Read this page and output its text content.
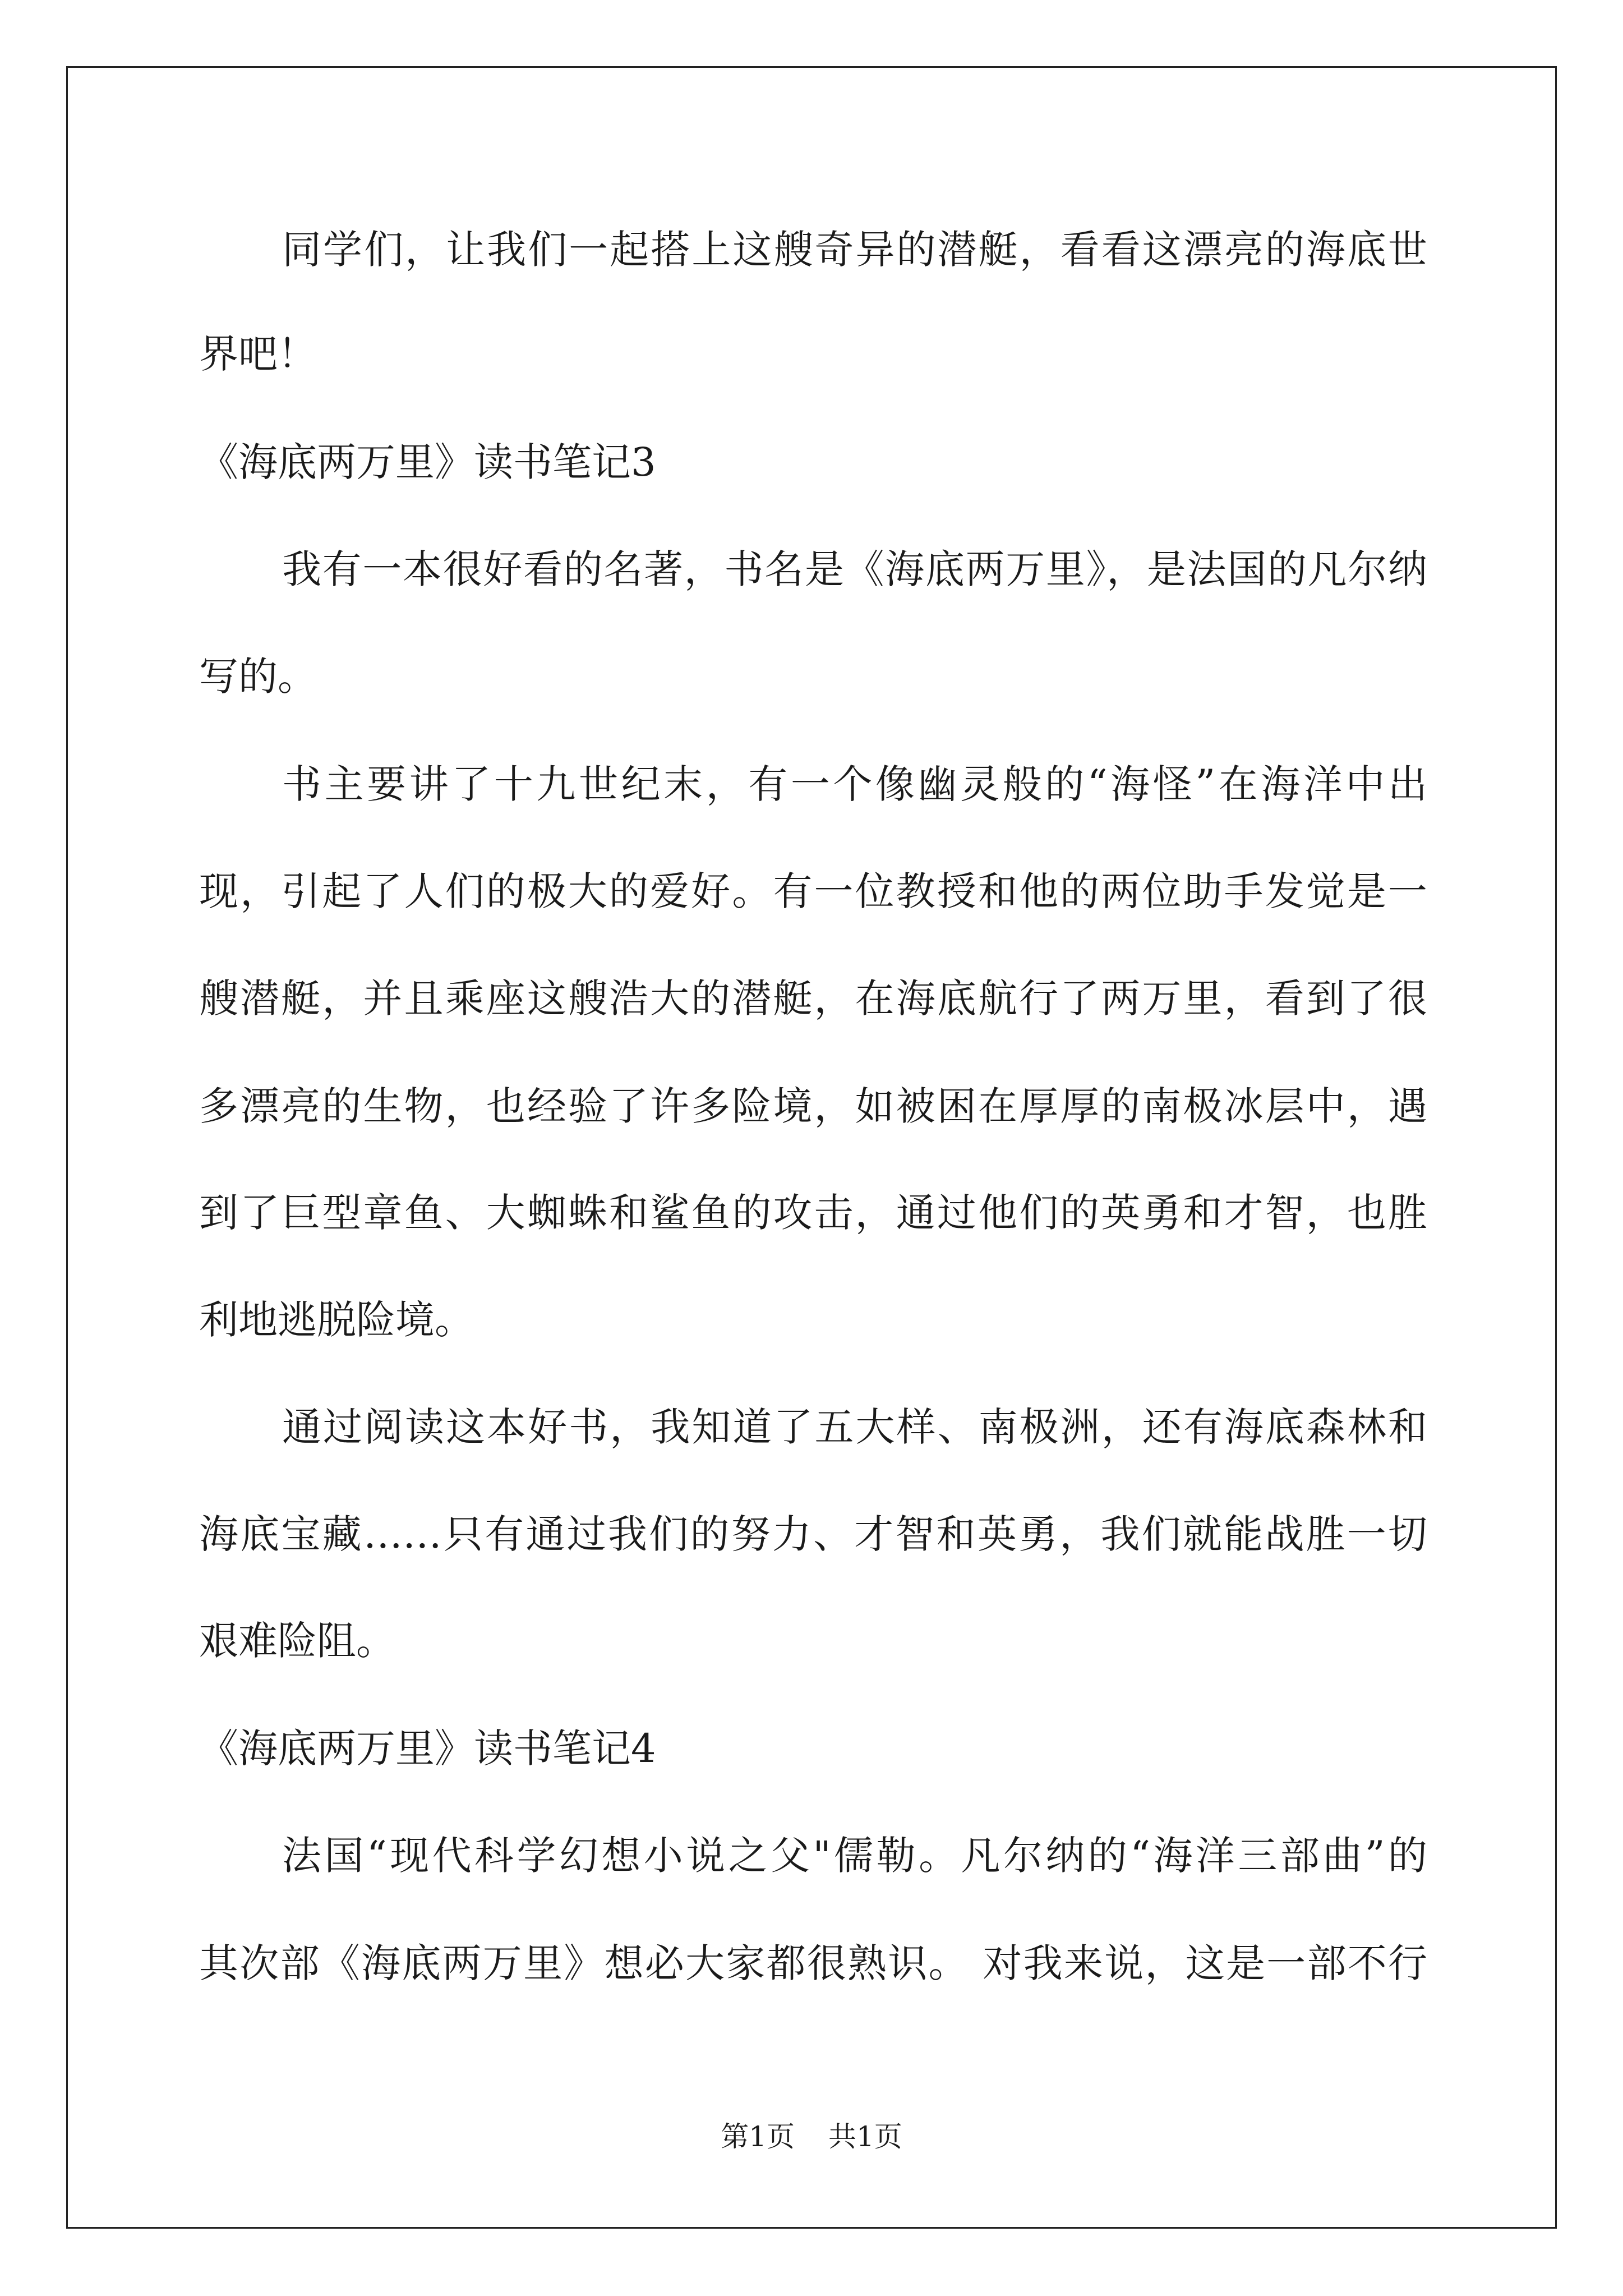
同学们，让我们一起搭上这艘奇异的潜艇，看看这漂亮的海底世
界吧！
《海底两万里》读书笔记3
我有一本很好看的名著，书名是《海底两万里》，是法国的凡尔纳
写的。
书主要讲了十九世纪末，有一个像幽灵般的“海怪”在海洋中出
现，引起了人们的极大的爱好。有一位教授和他的两位助手发觉是一
艘潜艇，并且乘座这艘浩大的潜艇，在海底航行了两万里，看到了很
多漂亮的生物，也经验了许多险境，如被困在厚厚的南极冰层中，遇
到了巨型章鱼、大蜘蛛和鲨鱼的攻击，通过他们的英勇和才智，也胜
利地逃脱险境。
通过阅读这本好书，我知道了五大样、南极洲，还有海底森林和
海底宝藏……只有通过我们的努力、才智和英勇，我们就能战胜一切
艰难险阻。
《海底两万里》读书笔记4
法国“现代科学幻想小说之父"儒勒。凡尔纳的“海洋三部曲”的
其次部《海底两万里》想必大家都很熟识。 对我来说，这是一部不行
第1页 共1页
